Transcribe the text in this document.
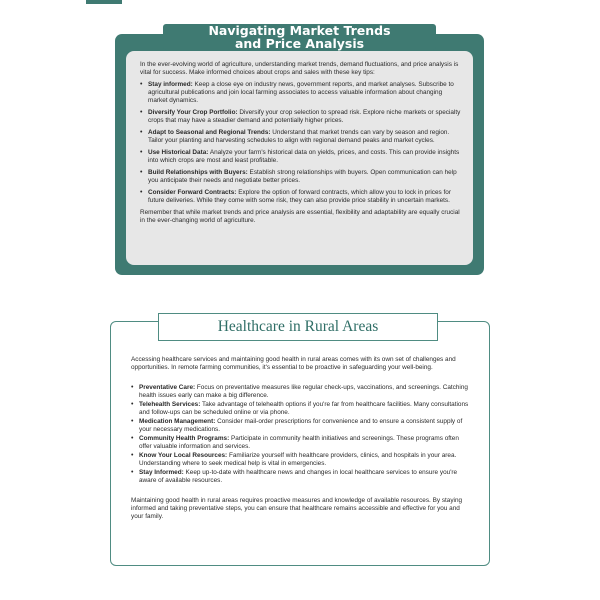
In the ever-evolving world of agriculture, understanding market trends, demand fluctuations, and price analysis is vital for success. Make informed choices about crops and sales with these key tips:

• Stay informed: Keep a close eye on industry news, government reports, and market analyses. Subscribe to agricultural publications and join local farming associates to access valuable information about changing market dynamics.
• Diversify Your Crop Portfolio: Diversify your crop selection to spread risk. Explore niche markets or specialty crops that may have a steadier demand and potentially higher prices.
• Adapt to Seasonal and Regional Trends: Understand that market trends can vary by season and region. Tailor your planting and harvesting schedules to align with regional demand peaks and market cycles.
• Use Historical Data: Analyze your farm's historical data on yields, prices, and costs. This can provide insights into which crops are most and least profitable.
• Build Relationships with Buyers: Establish strong relationships with buyers. Open communication can help you anticipate their needs and negotiate better prices.
• Consider Forward Contracts: Explore the option of forward contracts, which allow you to lock in prices for future deliveries. While they come with some risk, they can also provide price stability in uncertain markets.

Remember that while market trends and price analysis are essential, flexibility and adaptability are equally crucial in the ever-changing world of agriculture.

Navigating Market Trends
and Price Analysis
Healthcare in Rural Areas

Accessing healthcare services and maintaining good health in rural areas comes with its own set of challenges and opportunities. In remote farming communities, it's essential to be proactive in safeguarding your well-being.

• Preventative Care: Focus on preventative measures like regular check-ups, vaccinations, and screenings. Catching health issues early can make a big difference.
• Telehealth Services: Take advantage of telehealth options if you're far from healthcare facilities. Many consultations and follow-ups can be scheduled online or via phone.
• Medication Management: Consider mail-order prescriptions for convenience and to ensure a consistent supply of your necessary medications.
• Community Health Programs: Participate in community health initiatives and screenings. These programs often offer valuable information and services.
• Know Your Local Resources: Familiarize yourself with healthcare providers, clinics, and hospitals in your area. Understanding where to seek medical help is vital in emergencies.
• Stay Informed: Keep up-to-date with healthcare news and changes in local healthcare services to ensure you're aware of available resources.

Maintaining good health in rural areas requires proactive measures and knowledge of available resources. By staying informed and taking preventative steps, you can ensure that healthcare remains accessible and effective for you and your family.
